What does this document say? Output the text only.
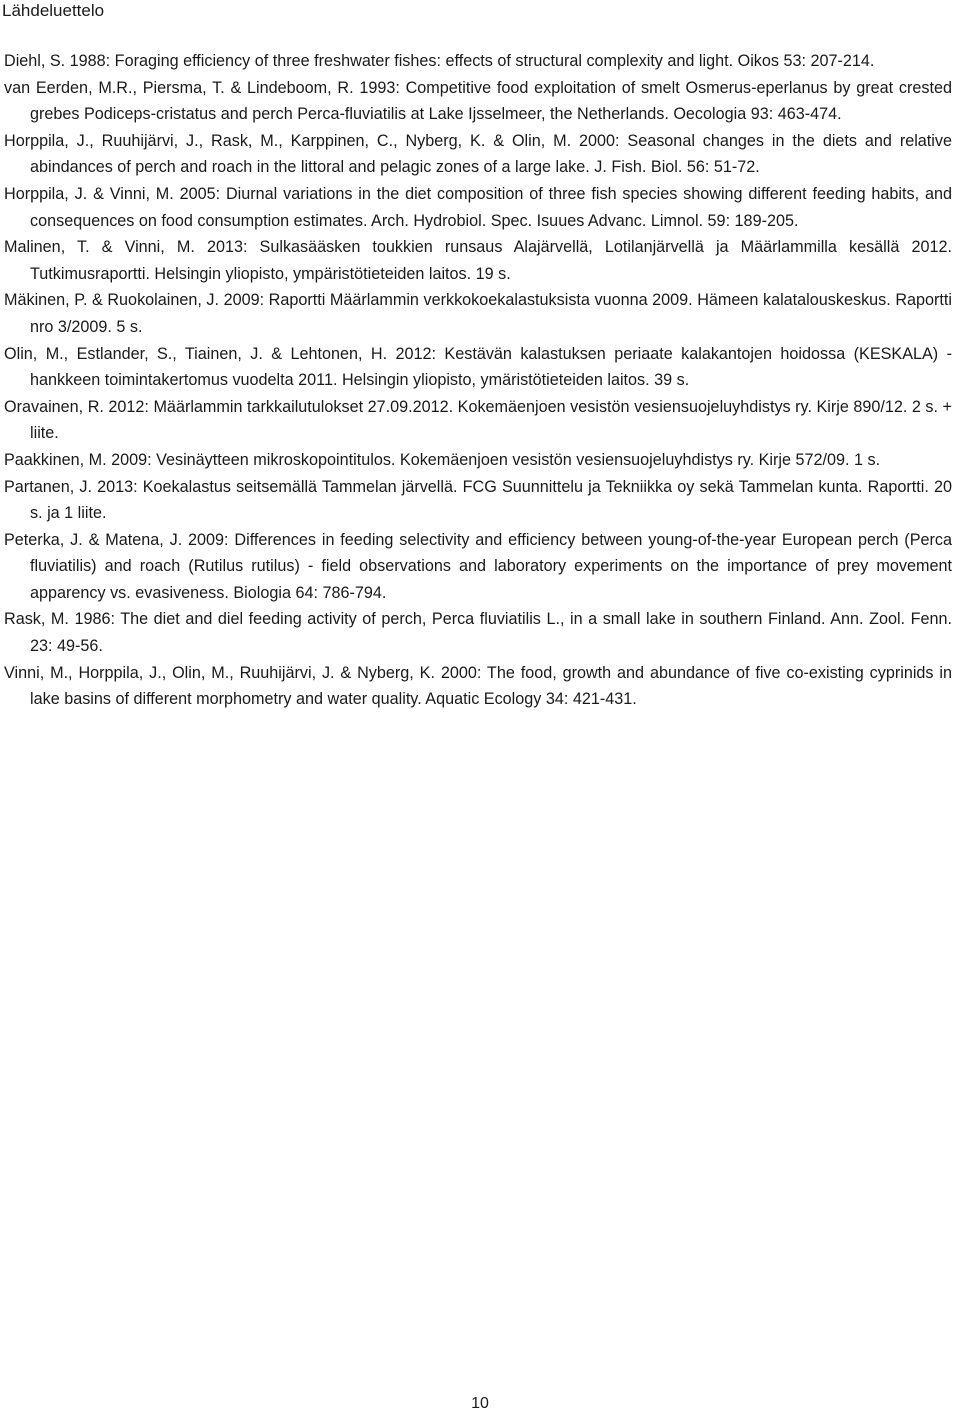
Lähdeluettelo
Diehl, S. 1988: Foraging efficiency of three freshwater fishes: effects of structural complexity and light. Oikos 53: 207-214.
van Eerden, M.R., Piersma, T. & Lindeboom, R. 1993: Competitive food exploitation of smelt Osmerus-eperlanus by great crested grebes Podiceps-cristatus and perch Perca-fluviatilis at Lake Ijsselmeer, the Netherlands. Oecologia 93: 463-474.
Horppila, J., Ruuhijärvi, J., Rask, M., Karppinen, C., Nyberg, K. & Olin, M. 2000: Seasonal changes in the diets and relative abindances of perch and roach in the littoral and pelagic zones of a large lake. J. Fish. Biol. 56: 51-72.
Horppila, J. & Vinni, M. 2005: Diurnal variations in the diet composition of three fish species showing different feeding habits, and consequences on food consumption estimates. Arch. Hydrobiol. Spec. Isuues Advanc. Limnol. 59: 189-205.
Malinen, T. & Vinni, M. 2013: Sulkasääsken toukkien runsaus Alajärvellä, Lotilanjärvellä ja Määrlammilla kesällä 2012. Tutkimusraportti. Helsingin yliopisto, ympäristötieteiden laitos. 19 s.
Mäkinen, P. & Ruokolainen, J. 2009: Raportti Määrlammin verkkokoekalastuksista vuonna 2009. Hämeen kalatalouskeskus. Raportti nro 3/2009. 5 s.
Olin, M., Estlander, S., Tiainen, J. & Lehtonen, H. 2012: Kestävän kalastuksen periaate kalakantojen hoidossa (KESKALA) -hankkeen toimintakertomus vuodelta 2011. Helsingin yliopisto, ymäristötieteiden laitos. 39 s.
Oravainen, R. 2012: Määrlammin tarkkailutulokset 27.09.2012. Kokemäenjoen vesistön vesiensuojeluyhdistys ry. Kirje 890/12. 2 s. + liite.
Paakkinen, M. 2009: Vesinäytteen mikroskopointitulos. Kokemäenjoen vesistön vesiensuojeluyhdistys ry. Kirje 572/09. 1 s.
Partanen, J. 2013: Koekalastus seitsemällä Tammelan järvellä. FCG Suunnittelu ja Tekniikka oy sekä Tammelan kunta. Raportti. 20 s. ja 1 liite.
Peterka, J. & Matena, J. 2009: Differences in feeding selectivity and efficiency between young-of-the-year European perch (Perca fluviatilis) and roach (Rutilus rutilus) - field observations and laboratory experiments on the importance of prey movement apparency vs. evasiveness. Biologia 64: 786-794.
Rask, M. 1986: The diet and diel feeding activity of perch, Perca fluviatilis L., in a small lake in southern Finland. Ann. Zool. Fenn. 23: 49-56.
Vinni, M., Horppila, J., Olin, M., Ruuhijärvi, J. & Nyberg, K. 2000: The food, growth and abundance of five co-existing cyprinids in lake basins of different morphometry and water quality. Aquatic Ecology 34: 421-431.
10
